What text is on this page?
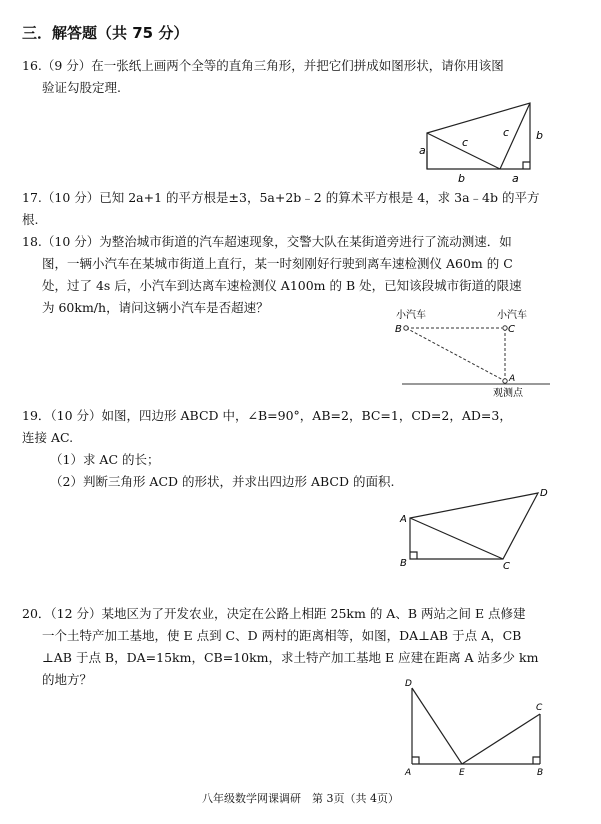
三．解答题（共 75 分）
16.（9 分）在一张纸上画两个全等的直角三角形，并把它们拼成如图形状，请你用该图
验证勾股定理.
a
c
c b
b	a
17.（10 分）已知 2a+1 的平方根是±3，5a+2b﹣2 的算术平方根是 4，求 3a﹣4b 的平方
根.
18.（10 分）为整治城市街道的汽车超速现象，交警大队在某街道旁进行了流动测速．如
图，一辆小汽车在某城市街道上直行，某一时刻刚好行驶到离车速检测仪 A60m 的 C
处，过了 4s 后，小汽车到达离车速检测仪 A100m 的 B 处，已知该段城市街道的限速
为 60km/h，请问这辆小汽车是否超速？
小汽车	小汽车
B	C
A
观测点
19．（10 分）如图，四边形 ABCD 中，∠B=90°，AB=2，BC=1，CD=2，AD=3，
连接 AC.
（1）求 AC 的长；
（2）判断三角形 ACD 的形状，并求出四边形 ABCD 的面积.
A
B	C
D
20．（12 分）某地区为了开发农业，决定在公路上相距 25km 的 A、B 两站之间 E 点修建
一个土特产加工基地，使 E 点到 C、D 两村的距离相等，如图，DA⊥AB 于点 A，CB
⊥AB 于点 B，DA=15km，CB=10km，求土特产加工基地 E 应建在距离 A 站多少 km
的地方？	D
C
A	E	B
八年级数学网课调研　第 3页（共 4页）
